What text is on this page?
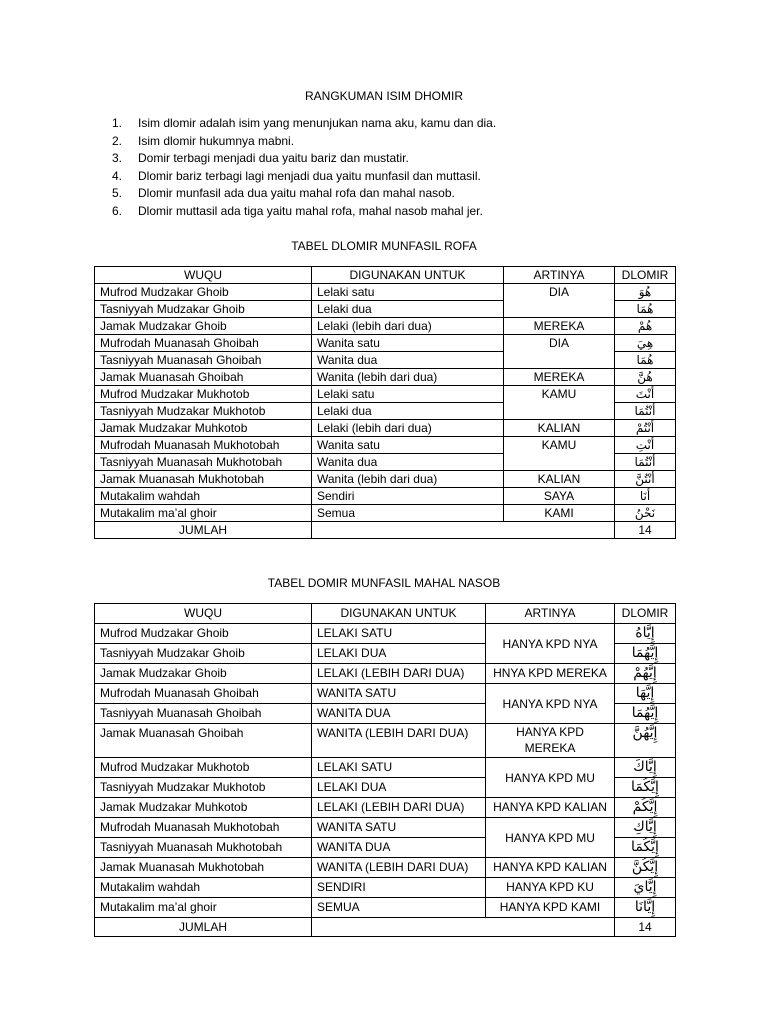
RANGKUMAN ISIM DHOMIR
1. Isim dlomir adalah isim yang menunjukan nama aku, kamu dan dia.
2. Isim dlomir hukumnya mabni.
3. Domir terbagi menjadi dua yaitu bariz dan mustatir.
4. Dlomir bariz terbagi lagi menjadi dua yaitu munfasil dan muttasil.
5. Dlomir munfasil ada dua yaitu mahal rofa dan mahal nasob.
6. Dlomir muttasil ada tiga yaitu mahal rofa, mahal nasob mahal jer.
TABEL DLOMIR MUNFASIL ROFA
WUQU	DIGUNAKAN UNTUK	ARTINYA	DLOMIR
Mufrod Mudzakar Ghoib	Lelaki satu	DIA	هُوَ
Tasniyyah Mudzakar Ghoib	Lelaki dua		هُمَا
Jamak Mudzakar Ghoib	Lelaki (lebih dari dua)	MEREKA	هُمْ
Mufrodah Muanasah Ghoibah	Wanita satu	DIA	هِيَ
Tasniyyah Muanasah Ghoibah	Wanita dua		هُمَا
Jamak Muanasah Ghoibah	Wanita (lebih dari dua)	MEREKA	هُنَّ
Mufrod Mudzakar Mukhotob	Lelaki satu	KAMU	أَنْتَ
Tasniyyah Mudzakar Mukhotob	Lelaki dua		أَنْتُمَا
Jamak Mudzakar Muhkotob	Lelaki (lebih dari dua)	KALIAN	أَنْتُمْ
Mufrodah Muanasah Mukhotobah	Wanita satu	KAMU	أَنْتِ
Tasniyyah Muanasah Mukhotobah	Wanita dua		أَنْتُمَا
Jamak Muanasah Mukhotobah	Wanita (lebih dari dua)	KALIAN	أَنْتُنَّ
Mutakalim wahdah	Sendiri	SAYA	أَنَا
Mutakalim ma’al ghoir	Semua	KAMI	نَحْنُ
JUMLAH			14
TABEL DOMIR MUNFASIL MAHAL NASOB
WUQU	DIGUNAKAN UNTUK	ARTINYA	DLOMIR
Mufrod Mudzakar Ghoib	LELAKI SATU	HANYA KPD NYA	إِيَّاهُ
Tasniyyah Mudzakar Ghoib	LELAKI DUA		إِيَّهُمَا
Jamak Mudzakar Ghoib	LELAKI (LEBIH DARI DUA)	HNYA KPD MEREKA	إِيَّهُمْ
Mufrodah Muanasah Ghoibah	WANITA SATU	HANYA KPD NYA	إِيَّهَا
Tasniyyah Muanasah Ghoibah	WANITA DUA		إِيَّهُمَا
Jamak Muanasah Ghoibah	WANITA (LEBIH DARI DUA)	HANYA KPD MEREKA	إِيَّهُنَّ
Mufrod Mudzakar Mukhotob	LELAKI SATU	HANYA KPD MU	إِيَّاكَ
Tasniyyah Mudzakar Mukhotob	LELAKI DUA		إِيَّكُمَا
Jamak Mudzakar Muhkotob	LELAKI (LEBIH DARI DUA)	HANYA KPD KALIAN	إِيَّكُمْ
Mufrodah Muanasah Mukhotobah	WANITA SATU	HANYA KPD MU	إِيَّاكِ
Tasniyyah Muanasah Mukhotobah	WANITA DUA		إِيَّكُمَا
Jamak Muanasah Mukhotobah	WANITA (LEBIH DARI DUA)	HANYA KPD KALIAN	إِيَّكُنَّ
Mutakalim wahdah	SENDIRI	HANYA KPD KU	إِيَّايَ
Mutakalim ma’al ghoir	SEMUA	HANYA KPD KAMI	إِيَّانَا
JUMLAH			14
